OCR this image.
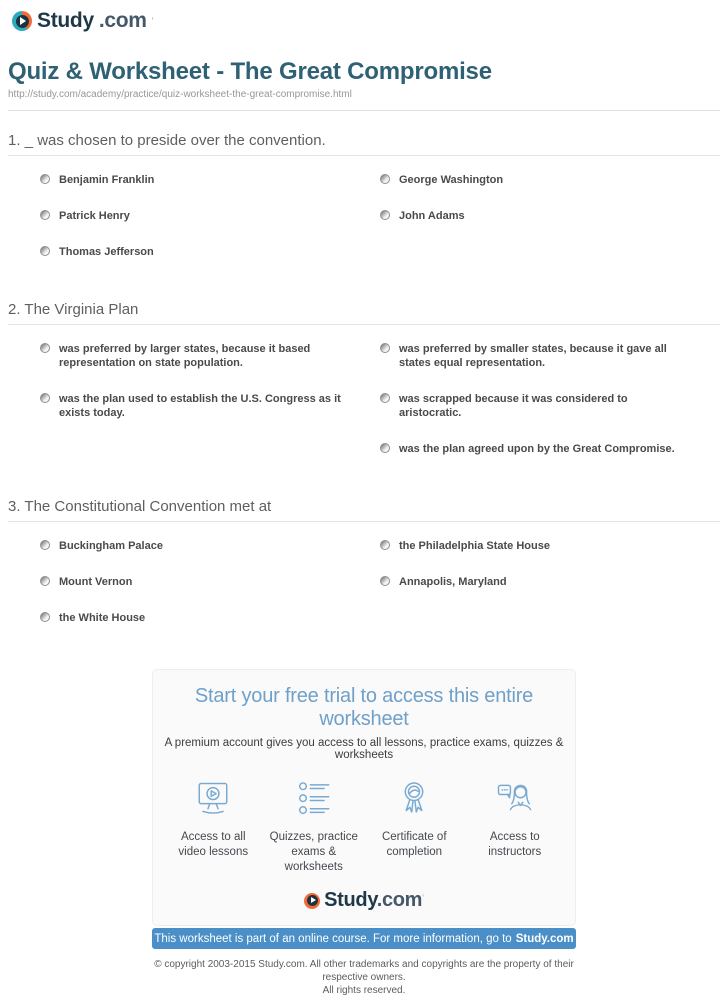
Study .com '
Quiz & Worksheet - The Great Compromise
http://study.com/academy/practice/quiz-worksheet-the-great-compromise.html
1. _ was chosen to preside over the convention.
Benjamin Franklin	George Washington
Patrick Henry	John Adams
Thomas Jefferson
2. The Virginia Plan
was preferred by larger states, because it based representation on state population.
was preferred by smaller states, because it gave all states equal representation.
was the plan used to establish the U.S. Congress as it exists today.
was scrapped because it was considered to aristocratic.
was the plan agreed upon by the Great Compromise.
3. The Constitutional Convention met at
Buckingham Palace	the Philadelphia State House
Mount Vernon	Annapolis, Maryland
the White House
Start your free trial to access this entire worksheet
A premium account gives you access to all lessons, practice exams, quizzes & worksheets
Access to all
video lessons
Quizzes, practice
exams & worksheets
Certificate of
completion
Access to
instructors
Study.com'
This worksheet is part of an online course. For more information, go to Study.com
© copyright 2003-2015 Study.com. All other trademarks and copyrights are the property of their respective owners.
All rights reserved.
